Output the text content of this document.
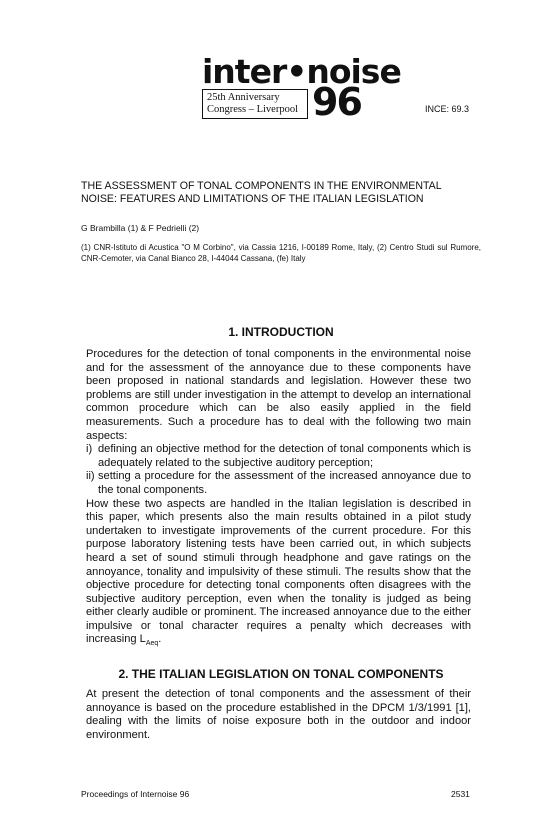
inter•noise
25th Anniversary
Congress – Liverpool 96	INCE: 69.3
THE ASSESSMENT OF TONAL COMPONENTS IN THE ENVIRONMENTAL
NOISE: FEATURES AND LIMITATIONS OF THE ITALIAN LEGISLATION
G Brambilla (1) & F Pedrielli (2)
(1) CNR-Istituto di Acustica "O M Corbino", via Cassia 1216, I-00189 Rome, Italy, (2) Centro Studi sul Rumore, CNR-Cemoter, via Canal Bianco 28, I-44044 Cassana, (fe) Italy
1. INTRODUCTION

Procedures for the detection of tonal components in the environmental noise and for the assessment of the annoyance due to these components have been proposed in national standards and legislation. However these two problems are still under investigation in the attempt to develop an international common procedure which can be also easily applied in the field measurements. Such a procedure has to deal with the following two main aspects:

i) defining an objective method for the detection of tonal components which is adequately related to the subjective auditory perception;

ii) setting a procedure for the assessment of the increased annoyance due to the tonal components.

How these two aspects are handled in the Italian legislation is described in this paper, which presents also the main results obtained in a pilot study undertaken to investigate improvements of the current procedure. For this purpose laboratory listening tests have been carried out, in which subjects heard a set of sound stimuli through headphone and gave ratings on the annoyance, tonality and impulsivity of these stimuli. The results show that the objective procedure for detecting tonal components often disagrees with the subjective auditory perception, even when the tonality is judged as being either clearly audible or prominent. The increased annoyance due to the either impulsive or tonal character requires a penalty which decreases with increasing $L_{Aeq}$.

2. THE ITALIAN LEGISLATION ON TONAL COMPONENTS

At present the detection of tonal components and the assessment of their annoyance is based on the procedure established in the DPCM 1/3/1991 [1], dealing with the limits of noise exposure both in the outdoor and indoor environment.

Proceedings of Internoise 96	2531
